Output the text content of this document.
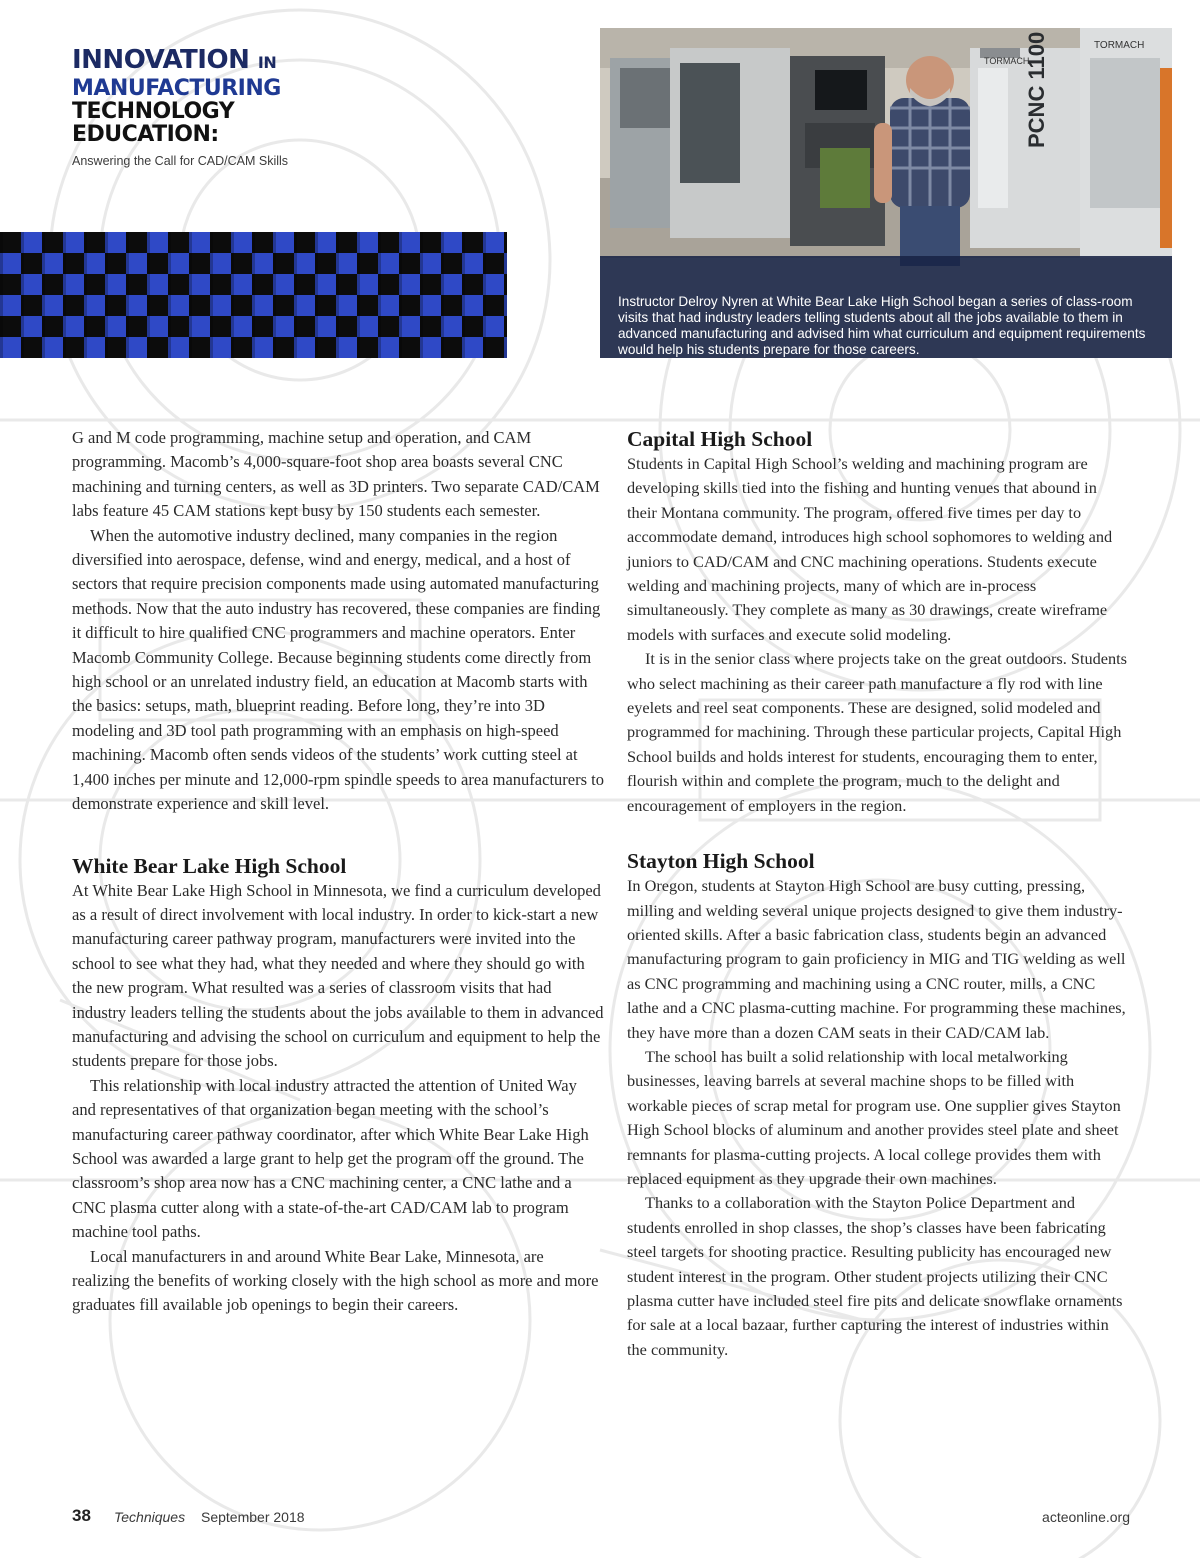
INNOVATION IN
MANUFACTURING
TECHNOLOGY
EDUCATION:
Answering the Call for CAD/CAM Skills
PCNC 1100
TORMACH
TORMACH
Instructor Delroy Nyren at White Bear Lake High School began a series of class-room visits that had industry leaders telling students about all the jobs available to them in advanced manufacturing and advised him what curriculum and equipment requirements would help his students prepare for those careers.

G and M code programming, machine setup and operation, and CAM programming. Macomb’s 4,000-square-foot shop area boasts several CNC machining and turning centers, as well as 3D printers. Two separate CAD/CAM labs feature 45 CAM stations kept busy by 150 students each semester.

When the automotive industry declined, many companies in the region diversified into aerospace, defense, wind and energy, medical, and a host of sectors that require precision components made using automated manufacturing methods. Now that the auto industry has recovered, these companies are finding it difficult to hire qualified CNC programmers and machine operators. Enter Macomb Community College. Because beginning students come directly from high school or an unrelated industry field, an education at Macomb starts with the basics: setups, math, blueprint reading. Before long, they’re into 3D modeling and 3D tool path programming with an emphasis on high-speed machining. Macomb often sends videos of the students’ work cutting steel at 1,400 inches per minute and 12,000-rpm spindle speeds to area manufacturers to demonstrate experience and skill level.

White Bear Lake High School

At White Bear Lake High School in Minnesota, we find a curriculum developed as a result of direct involvement with local industry. In order to kick-start a new manufacturing career pathway program, manufacturers were invited into the school to see what they had, what they needed and where they should go with the new program. What resulted was a series of classroom visits that had industry leaders telling the students about the jobs available to them in advanced manufacturing and advising the school on curriculum and equipment to help the students prepare for those jobs.

This relationship with local industry attracted the attention of United Way and representatives of that organization began meeting with the school’s manufacturing career pathway coordinator, after which White Bear Lake High School was awarded a large grant to help get the program off the ground. The classroom’s shop area now has a CNC machining center, a CNC lathe and a CNC plasma cutter along with a state-of-the-art CAD/CAM lab to program machine tool paths.

Local manufacturers in and around White Bear Lake, Minnesota, are realizing the benefits of working closely with the high school as more and more graduates fill available job openings to begin their careers.

Capital High School

Students in Capital High School’s welding and machining program are developing skills tied into the fishing and hunting venues that abound in their Montana community. The program, offered five times per day to accommodate demand, introduces high school sophomores to welding and juniors to CAD/CAM and CNC machining operations. Students execute welding and machining projects, many of which are in-process simultaneously. They complete as many as 30 drawings, create wireframe models with surfaces and execute solid modeling.

It is in the senior class where projects take on the great outdoors. Students who select machining as their career path manufacture a fly rod with line eyelets and reel seat components. These are designed, solid modeled and programmed for machining. Through these particular projects, Capital High School builds and holds interest for students, encouraging them to enter, flourish within and complete the program, much to the delight and encouragement of employers in the region.

Stayton High School

In Oregon, students at Stayton High School are busy cutting, pressing, milling and welding several unique projects designed to give them industry-oriented skills. After a basic fabrication class, students begin an advanced manufacturing program to gain proficiency in MIG and TIG welding as well as CNC programming and machining using a CNC router, mills, a CNC lathe and a CNC plasma-cutting machine. For programming these machines, they have more than a dozen CAM seats in their CAD/CAM lab.

The school has built a solid relationship with local metalworking businesses, leaving barrels at several machine shops to be filled with workable pieces of scrap metal for program use. One supplier gives Stayton High School blocks of aluminum and another provides steel plate and sheet remnants for plasma-cutting projects. A local college provides them with replaced equipment as they upgrade their own machines.

Thanks to a collaboration with the Stayton Police Department and students enrolled in shop classes, the shop’s classes have been fabricating steel targets for shooting practice. Resulting publicity has encouraged new student interest in the program. Other student projects utilizing their CNC plasma cutter have included steel fire pits and delicate snowflake ornaments for sale at a local bazaar, further capturing the interest of industries within the community.

38 Techniques September 2018	acteonline.org
